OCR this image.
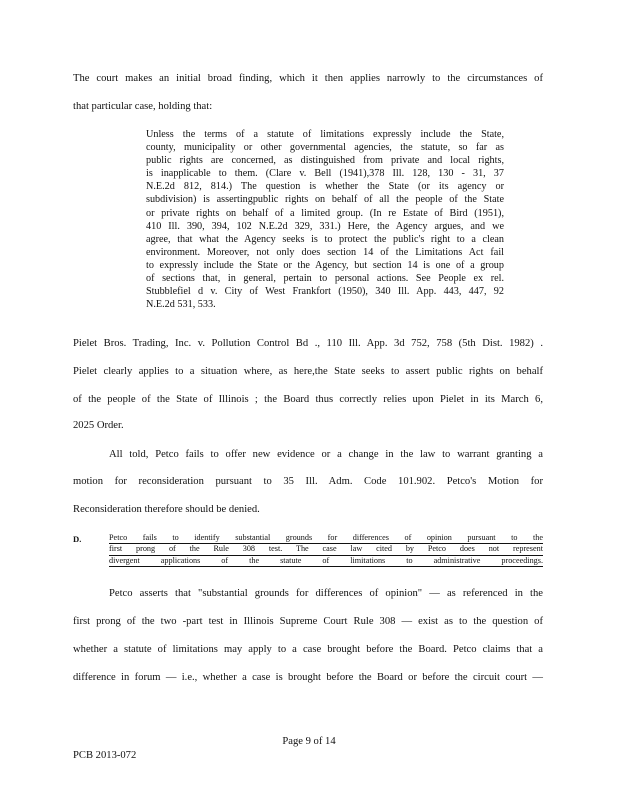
The court makes an initial broad finding, which it then applies narrowly to the circumstances of
that particular case, holding that:
Unless the terms of a statute of limitations expressly include the State,
county, municipality or other governmental agencies, the statute, so far as
public rights are concerned, as distinguished from private and local rights,
is inapplicable to them. (Clare v. Bell (1941),378 Ill. 128, 130 - 31, 37
N.E.2d 812, 814.) The question is whether the State (or its agency or
subdivision) is assertingpublic rights on behalf of all the people of the State
or private rights on behalf of a limited group. (In re Estate of Bird (1951),
410 Ill. 390, 394, 102 N.E.2d 329, 331.) Here, the Agency argues, and we
agree, that what the Agency seeks is to protect the public's right to a clean
environment. Moreover, not only does section 14 of the Limitations Act fail
to expressly include the State or the Agency, but section 14 is one of a group
of sections that, in general, pertain to personal actions. See People ex rel.
Stubblefiel d v. City of West Frankfort (1950), 340 Ill. App. 443, 447, 92
N.E.2d 531, 533.
Pielet Bros. Trading, Inc. v. Pollution Control Bd ., 110 Ill. App. 3d 752, 758 (5th Dist. 1982) .
Pielet clearly applies to a situation where, as here,the State seeks to assert public rights on behalf
of the people of the State of Illinois ; the Board thus correctly relies upon Pielet in its March 6,
2025 Order.
All told, Petco fails to offer new evidence or a change in the law to warrant granting a
motion for reconsideration pursuant to 35 Ill. Adm. Code 101.902. Petco's Motion for
Reconsideration therefore should be denied.
D.	Petco fails to identify substantial grounds for differences of opinion pursuant to the
first prong of the Rule 308 test. The case law cited by Petco does not represent
divergent applications of the statute of limitations to administrative proceedings.
Petco asserts that "substantial grounds for differences of opinion" — as referenced in the
first prong of the two -part test in Illinois Supreme Court Rule 308 — exist as to the question of
whether a statute of limitations may apply to a case brought before the Board. Petco claims that a
difference in forum — i.e., whether a case is brought before the Board or before the circuit court —
Page 9 of 14
PCB 2013-072
